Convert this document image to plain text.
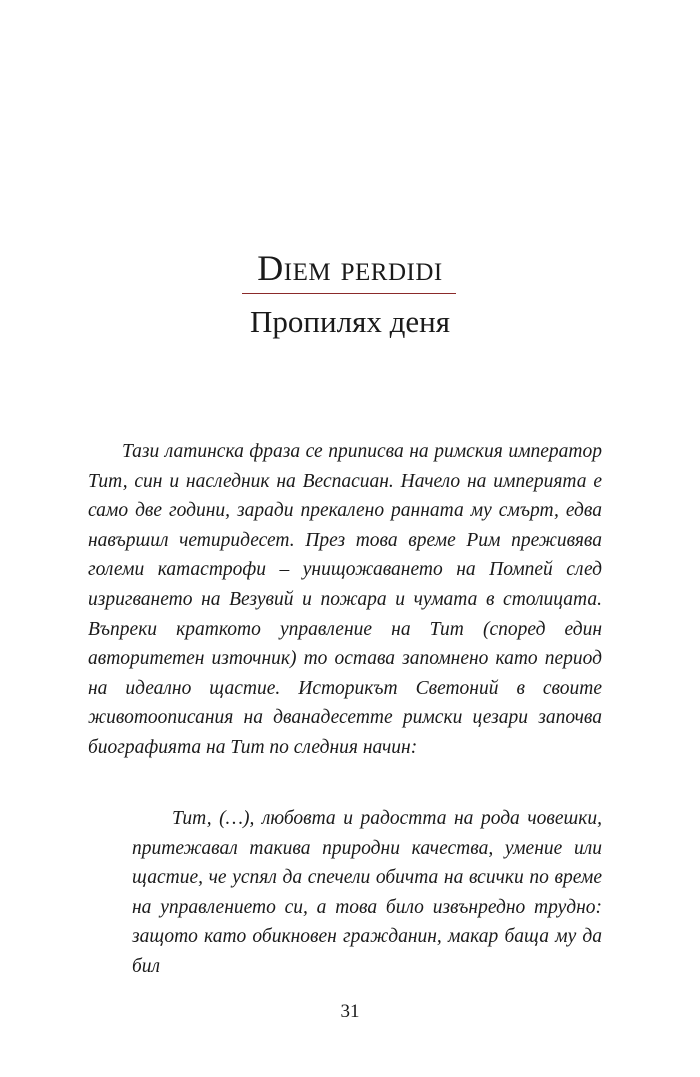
Diem perdidi
Пропилях деня

Тази латинска фраза се приписва на римския император Тит, син и наследник на Веспасиан. Начело на империята е само две години, заради прекалено ранната му смърт, едва навършил четиридесет. През това време Рим преживява големи катастрофи – унищожаването на Помпей след изригването на Везувий и пожара и чумата в столицата. Въпреки краткото управление на Тит (според един авторитетен източник) то остава запомнено като период на идеално щастие. Историкът Светоний в своите животоописания на дванадесетте римски цезари започва биографията на Тит по следния начин:

Тит, (…), любовта и радостта на рода човешки, притежавал такива природни качества, умение или щастие, че успял да спечели обичта на всички по време на управлението си, а това било извънредно трудно: защото като обикновен гражданин, макар баща му да бил

31
